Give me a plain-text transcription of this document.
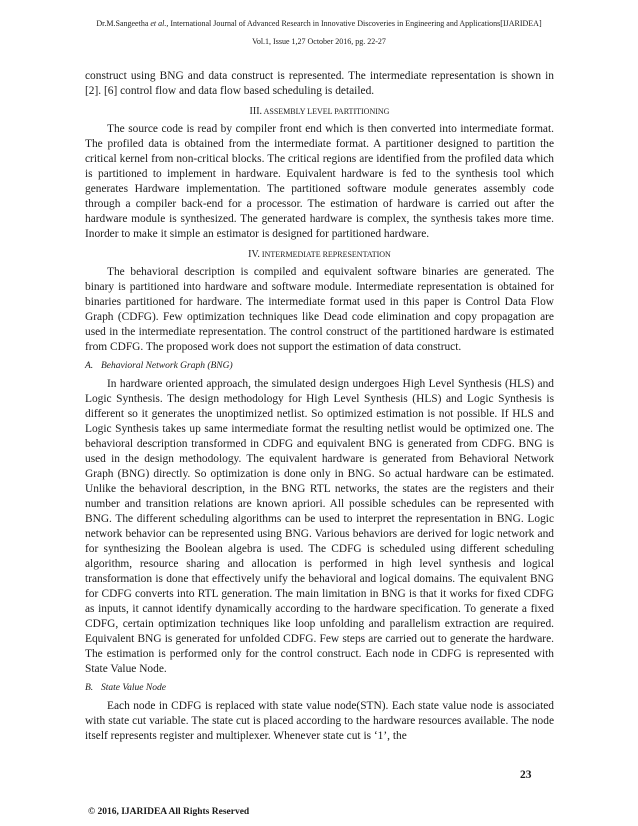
Dr.M.Sangeetha et al., International Journal of Advanced Research in Innovative Discoveries in Engineering and Applications[IJARIDEA]
Vol.1, Issue 1,27 October 2016, pg. 22-27

construct using BNG and data construct is represented. The intermediate representation is shown in [2]. [6] control flow and data flow based scheduling is detailed.

III. ASSEMBLY LEVEL PARTITIONING

The source code is read by compiler front end which is then converted into intermediate format. The profiled data is obtained from the intermediate format. A partitioner designed to partition the critical kernel from non-critical blocks. The critical regions are identified from the profiled data which is partitioned to implement in hardware. Equivalent hardware is fed to the synthesis tool which generates Hardware implementation. The partitioned software module generates assembly code through a compiler back-end for a processor. The estimation of hardware is carried out after the hardware module is synthesized. The generated hardware is complex, the synthesis takes more time. Inorder to make it simple an estimator is designed for partitioned hardware.

IV. INTERMEDIATE REPRESENTATION

The behavioral description is compiled and equivalent software binaries are generated. The binary is partitioned into hardware and software module. Intermediate representation is obtained for binaries partitioned for hardware. The intermediate format used in this paper is Control Data Flow Graph (CDFG). Few optimization techniques like Dead code elimination and copy propagation are used in the intermediate representation. The control construct of the partitioned hardware is estimated from CDFG. The proposed work does not support the estimation of data construct.

A. Behavioral Network Graph (BNG)

In hardware oriented approach, the simulated design undergoes High Level Synthesis (HLS) and Logic Synthesis. The design methodology for High Level Synthesis (HLS) and Logic Synthesis is different so it generates the unoptimized netlist. So optimized estimation is not possible. If HLS and Logic Synthesis takes up same intermediate format the resulting netlist would be optimized one. The behavioral description transformed in CDFG and equivalent BNG is generated from CDFG. BNG is used in the design methodology. The equivalent hardware is generated from Behavioral Network Graph (BNG) directly. So optimization is done only in BNG. So actual hardware can be estimated. Unlike the behavioral description, in the BNG RTL networks, the states are the registers and their number and transition relations are known apriori. All possible schedules can be represented with BNG. The different scheduling algorithms can be used to interpret the representation in BNG. Logic network behavior can be represented using BNG. Various behaviors are derived for logic network and for synthesizing the Boolean algebra is used. The CDFG is scheduled using different scheduling algorithm, resource sharing and allocation is performed in high level synthesis and logical transformation is done that effectively unify the behavioral and logical domains. The equivalent BNG for CDFG converts into RTL generation. The main limitation in BNG is that it works for fixed CDFG as inputs, it cannot identify dynamically according to the hardware specification. To generate a fixed CDFG, certain optimization techniques like loop unfolding and parallelism extraction are required. Equivalent BNG is generated for unfolded CDFG. Few steps are carried out to generate the hardware. The estimation is performed only for the control construct. Each node in CDFG is represented with State Value Node.

B. State Value Node

Each node in CDFG is replaced with state value node(STN). Each state value node is associated with state cut variable. The state cut is placed according to the hardware resources available. The node itself represents register and multiplexer. Whenever state cut is ‘1’, the

23
© 2016, IJARIDEA All Rights Reserved
